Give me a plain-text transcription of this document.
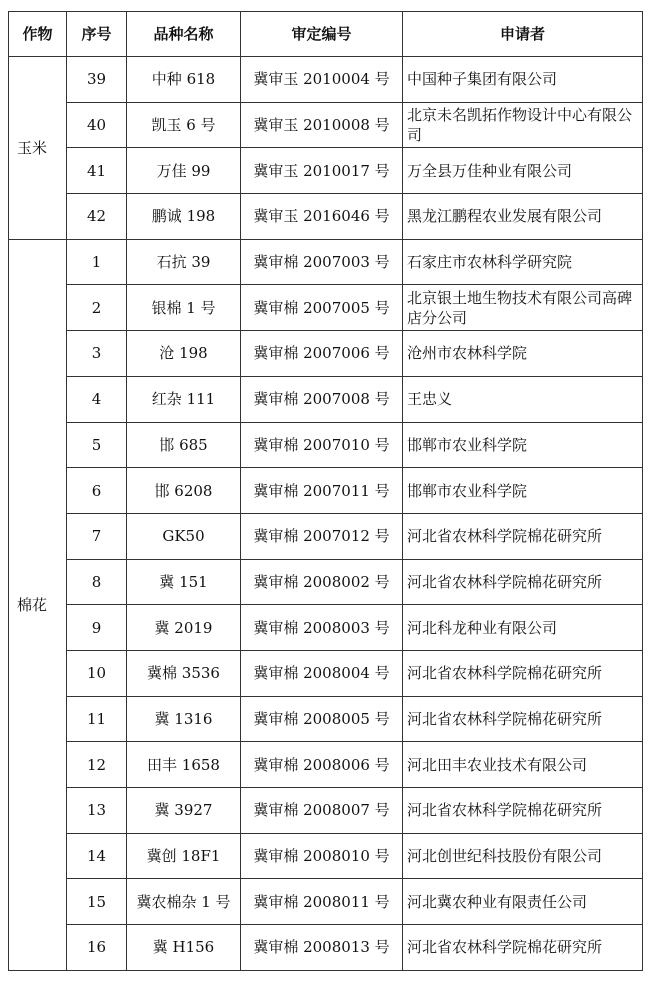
作物	序号	品种名称	审定编号	申请者
玉米	39	中种 618	冀审玉 2010004 号	中国种子集团有限公司
	40	凯玉 6 号	冀审玉 2010008 号	北京未名凯拓作物设计中心有限公司
	41	万佳 99	冀审玉 2010017 号	万全县万佳种业有限公司
	42	鹏诚 198	冀审玉 2016046 号	黑龙江鹏程农业发展有限公司
棉花	1	石抗 39	冀审棉 2007003 号	石家庄市农林科学研究院
	2	银棉 1 号	冀审棉 2007005 号	北京银土地生物技术有限公司高碑店分公司
	3	沧 198	冀审棉 2007006 号	沧州市农林科学院
	4	红杂 111	冀审棉 2007008 号	王忠义
	5	邯 685	冀审棉 2007010 号	邯郸市农业科学院
	6	邯 6208	冀审棉 2007011 号	邯郸市农业科学院
	7	GK50	冀审棉 2007012 号	河北省农林科学院棉花研究所
	8	冀 151	冀审棉 2008002 号	河北省农林科学院棉花研究所
	9	冀 2019	冀审棉 2008003 号	河北科龙种业有限公司
	10	冀棉 3536	冀审棉 2008004 号	河北省农林科学院棉花研究所
	11	冀 1316	冀审棉 2008005 号	河北省农林科学院棉花研究所
	12	田丰 1658	冀审棉 2008006 号	河北田丰农业技术有限公司
	13	冀 3927	冀审棉 2008007 号	河北省农林科学院棉花研究所
	14	冀创 18F1	冀审棉 2008010 号	河北创世纪科技股份有限公司
	15	冀农棉杂 1 号	冀审棉 2008011 号	河北冀农种业有限责任公司
	16	冀 H156	冀审棉 2008013 号	河北省农林科学院棉花研究所
